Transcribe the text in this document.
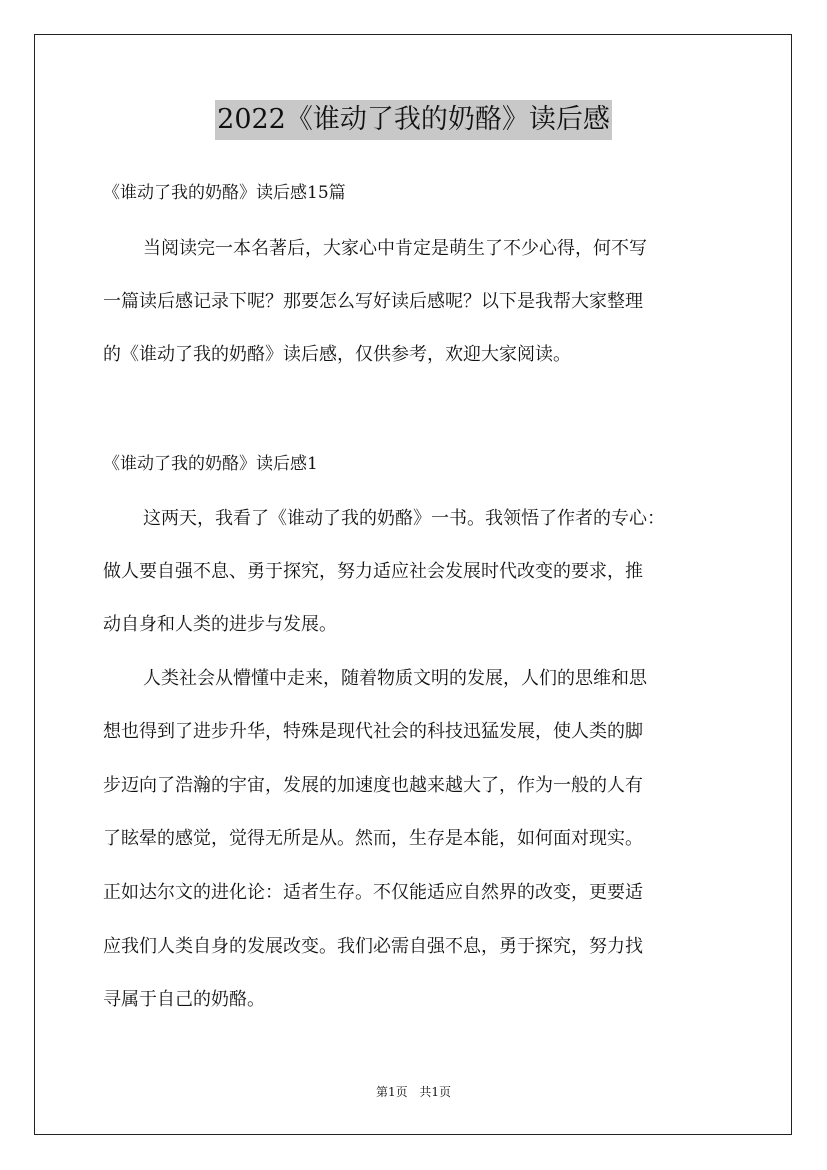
2022《谁动了我的奶酪》读后感
《谁动了我的奶酪》读后感15篇
当阅读完一本名著后，大家心中肯定是萌生了不少心得，何不写
一篇读后感记录下呢？那要怎么写好读后感呢？以下是我帮大家整理
的《谁动了我的奶酪》读后感，仅供参考，欢迎大家阅读。
《谁动了我的奶酪》读后感1
这两天，我看了《谁动了我的奶酪》一书。我领悟了作者的专心：
做人要自强不息、勇于探究，努力适应社会发展时代改变的要求，推
动自身和人类的进步与发展。
人类社会从懵懂中走来，随着物质文明的发展，人们的思维和思
想也得到了进步升华，特殊是现代社会的科技迅猛发展，使人类的脚
步迈向了浩瀚的宇宙，发展的加速度也越来越大了，作为一般的人有
了眩晕的感觉，觉得无所是从。然而，生存是本能，如何面对现实。
正如达尔文的进化论：适者生存。不仅能适应自然界的改变，更要适
应我们人类自身的发展改变。我们必需自强不息，勇于探究，努力找
寻属于自己的奶酪。
第1页 共1页
